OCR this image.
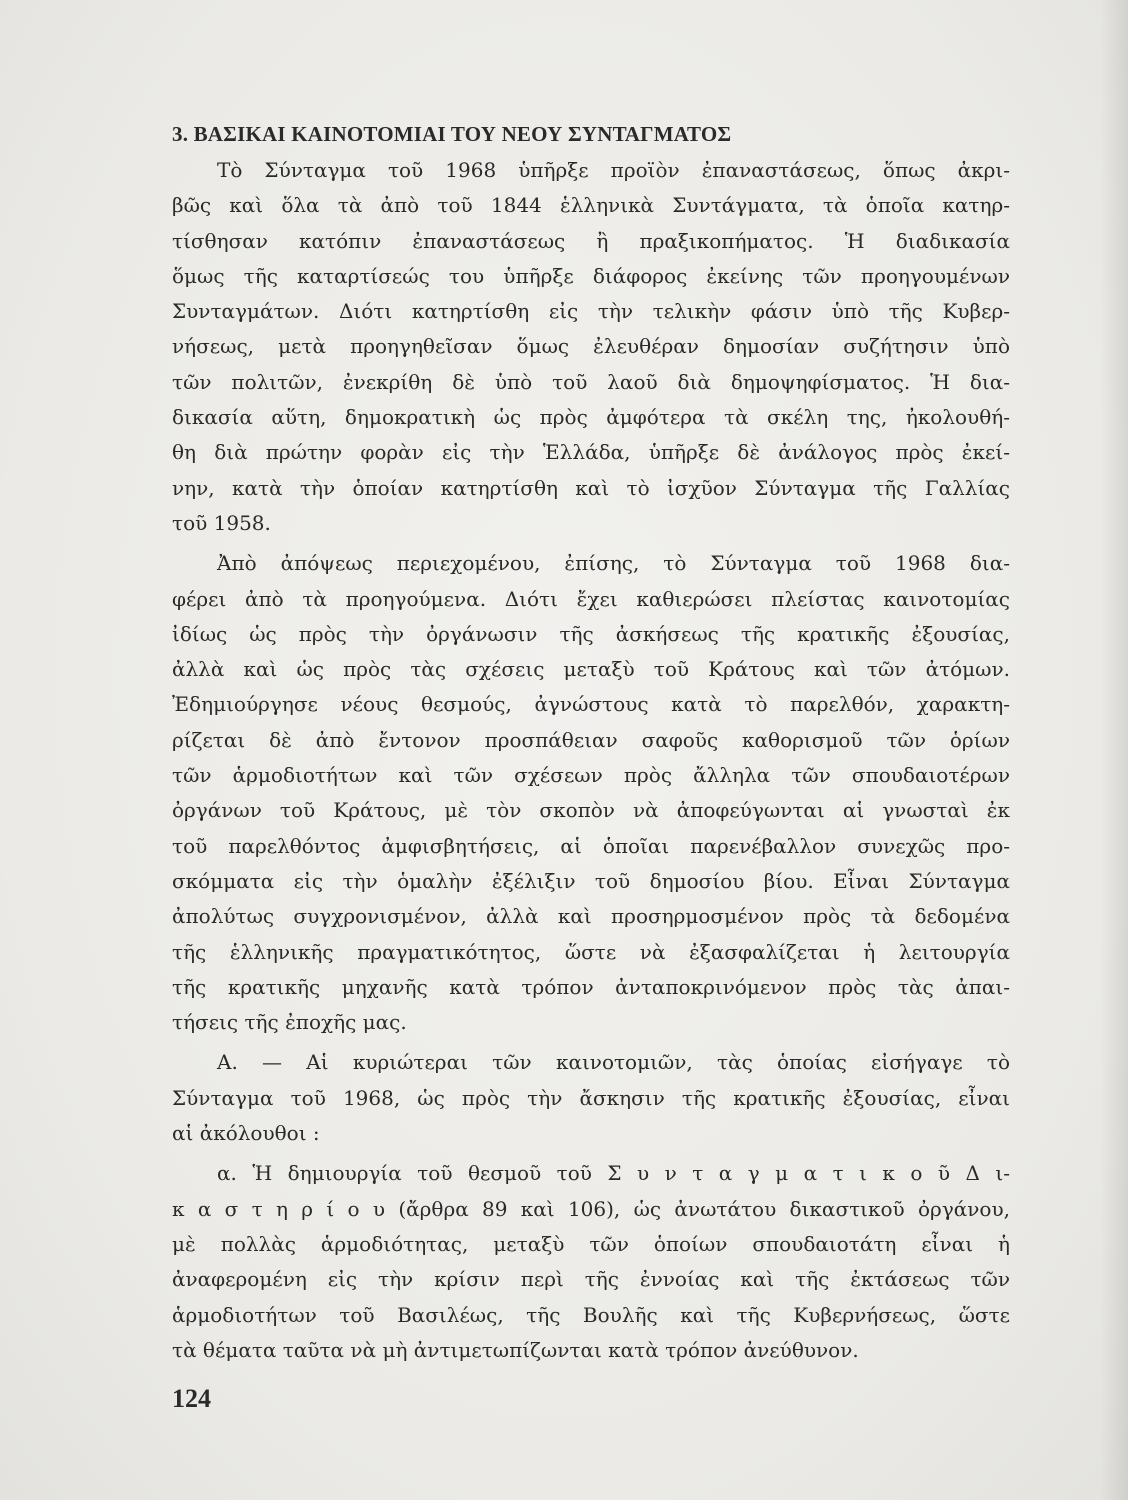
3. ΒΑΣΙΚΑΙ ΚΑΙΝΟΤΟΜΙΑΙ ΤΟΥ ΝΕΟΥ ΣΥΝΤΑΓΜΑΤΟΣ
Τὸ Σύνταγμα τοῦ 1968 ὑπῆρξε προϊὸν ἐπαναστάσεως, ὅπως ἀκρι-
βῶς καὶ ὅλα τὰ ἀπὸ τοῦ 1844 ἑλληνικὰ Συντάγματα, τὰ ὁποῖα κατηρ-
τίσθησαν κατόπιν ἐπαναστάσεως ἢ πραξικοπήματος. Ἡ διαδικασία
ὅμως τῆς καταρτίσεώς του ὑπῆρξε διάφορος ἐκείνης τῶν προηγουμένων
Συνταγμάτων. Διότι κατηρτίσθη εἰς τὴν τελικὴν φάσιν ὑπὸ τῆς Κυβερ-
νήσεως, μετὰ προηγηθεῖσαν ὅμως ἐλευθέραν δημοσίαν συζήτησιν ὑπὸ
τῶν πολιτῶν, ἐνεκρίθη δὲ ὑπὸ τοῦ λαοῦ διὰ δημοψηφίσματος. Ἡ δια-
δικασία αὕτη, δημοκρατικὴ ὡς πρὸς ἀμφότερα τὰ σκέλη της, ἠκολουθή-
θη διὰ πρώτην φορὰν εἰς τὴν Ἑλλάδα, ὑπῆρξε δὲ ἀνάλογος πρὸς ἐκεί-
νην, κατὰ τὴν ὁποίαν κατηρτίσθη καὶ τὸ ἰσχῦον Σύνταγμα τῆς Γαλλίας
τοῦ 1958.
Ἀπὸ ἀπόψεως περιεχομένου, ἐπίσης, τὸ Σύνταγμα τοῦ 1968 δια-
φέρει ἀπὸ τὰ προηγούμενα. Διότι ἔχει καθιερώσει πλείστας καινοτομίας
ἰδίως ὡς πρὸς τὴν ὀργάνωσιν τῆς ἀσκήσεως τῆς κρατικῆς ἐξουσίας,
ἀλλὰ καὶ ὡς πρὸς τὰς σχέσεις μεταξὺ τοῦ Κράτους καὶ τῶν ἀτόμων.
Ἐδημιούργησε νέους θεσμούς, ἀγνώστους κατὰ τὸ παρελθόν, χαρακτη-
ρίζεται δὲ ἀπὸ ἔντονον προσπάθειαν σαφοῦς καθορισμοῦ τῶν ὁρίων
τῶν ἁρμοδιοτήτων καὶ τῶν σχέσεων πρὸς ἄλληλα τῶν σπουδαιοτέρων
ὀργάνων τοῦ Κράτους, μὲ τὸν σκοπὸν νὰ ἀποφεύγωνται αἱ γνωσταὶ ἐκ
τοῦ παρελθόντος ἀμφισβητήσεις, αἱ ὁποῖαι παρενέβαλλον συνεχῶς προ-
σκόμματα εἰς τὴν ὁμαλὴν ἐξέλιξιν τοῦ δημοσίου βίου. Εἶναι Σύνταγμα
ἀπολύτως συγχρονισμένον, ἀλλὰ καὶ προσηρμοσμένον πρὸς τὰ δεδομένα
τῆς ἑλληνικῆς πραγματικότητος, ὥστε νὰ ἐξασφαλίζεται ἡ λειτουργία
τῆς κρατικῆς μηχανῆς κατὰ τρόπον ἀνταποκρινόμενον πρὸς τὰς ἀπαι-
τήσεις τῆς ἐποχῆς μας.
Α. — Αἱ κυριώτεραι τῶν καινοτομιῶν, τὰς ὁποίας εἰσήγαγε τὸ
Σύνταγμα τοῦ 1968, ὡς πρὸς τὴν ἄσκησιν τῆς κρατικῆς ἐξουσίας, εἶναι
αἱ ἀκόλουθοι :
α. Ἡ δημιουργία τοῦ θεσμοῦ τοῦ Σ υ ν τ α γ μ α τ ι κ ο ῦ Δ ι-
κ α σ τ η ρ ί ο υ (ἄρθρα 89 καὶ 106), ὡς ἀνωτάτου δικαστικοῦ ὀργάνου,
μὲ πολλὰς ἁρμοδιότητας, μεταξὺ τῶν ὁποίων σπουδαιοτάτη εἶναι ἡ
ἀναφερομένη εἰς τὴν κρίσιν περὶ τῆς ἐννοίας καὶ τῆς ἐκτάσεως τῶν
ἁρμοδιοτήτων τοῦ Βασιλέως, τῆς Βουλῆς καὶ τῆς Κυβερνήσεως, ὥστε
τὰ θέματα ταῦτα νὰ μὴ ἀντιμετωπίζωνται κατὰ τρόπον ἀνεύθυνον.
124
